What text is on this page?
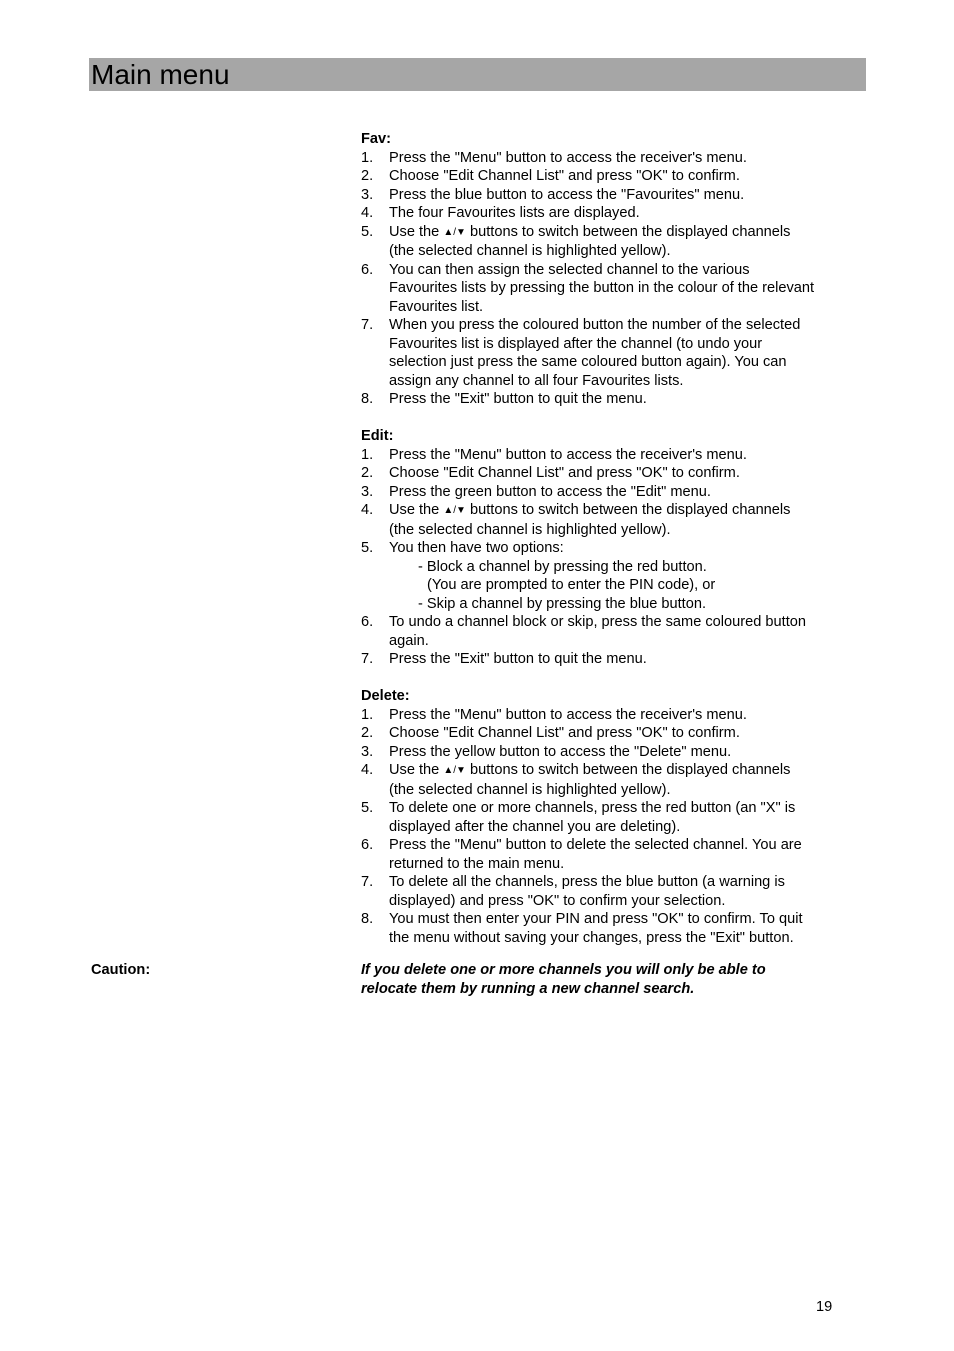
Main menu
Fav:
1.	Press the "Menu" button to access the receiver's menu.
2.	Choose "Edit Channel List" and press "OK" to confirm.
3.	Press the blue button to access the "Favourites" menu.
4.	The four Favourites lists are displayed.
5.	Use the ▲/▼ buttons to switch between the displayed channels
(the selected channel is highlighted yellow).
6.	You can then assign the selected channel to the various
Favourites lists by pressing the button in the colour of the relevant
Favourites list.
7.	When you press the coloured button the number of the selected
Favourites list is displayed after the channel (to undo your
selection just press the same coloured button again). You can
assign any channel to all four Favourites lists.
8.	Press the "Exit" button to quit the menu.
Edit:
1.	Press the "Menu" button to access the receiver's menu.
2.	Choose "Edit Channel List" and press "OK" to confirm.
3.	Press the green button to access the "Edit" menu.
4.	Use the ▲/▼ buttons to switch between the displayed channels
(the selected channel is highlighted yellow).
5.	You then have two options:
- Block a channel by pressing the red button.
(You are prompted to enter the PIN code), or
- Skip a channel by pressing the blue button.
6.	To undo a channel block or skip, press the same coloured button
again.
7.	Press the "Exit" button to quit the menu.
Delete:
1.	Press the "Menu" button to access the receiver's menu.
2.	Choose "Edit Channel List" and press "OK" to confirm.
3.	Press the yellow button to access the "Delete" menu.
4.	Use the ▲/▼ buttons to switch between the displayed channels
(the selected channel is highlighted yellow).
5.	To delete one or more channels, press the red button (an "X" is
displayed after the channel you are deleting).
6.	Press the "Menu" button to delete the selected channel. You are
returned to the main menu.
7.	To delete all the channels, press the blue button (a warning is
displayed) and press "OK" to confirm your selection.
8.	You must then enter your PIN and press "OK" to confirm. To quit
the menu without saving your changes, press the "Exit" button.
Caution:	If you delete one or more channels you will only be able to
relocate them by running a new channel search.
19
